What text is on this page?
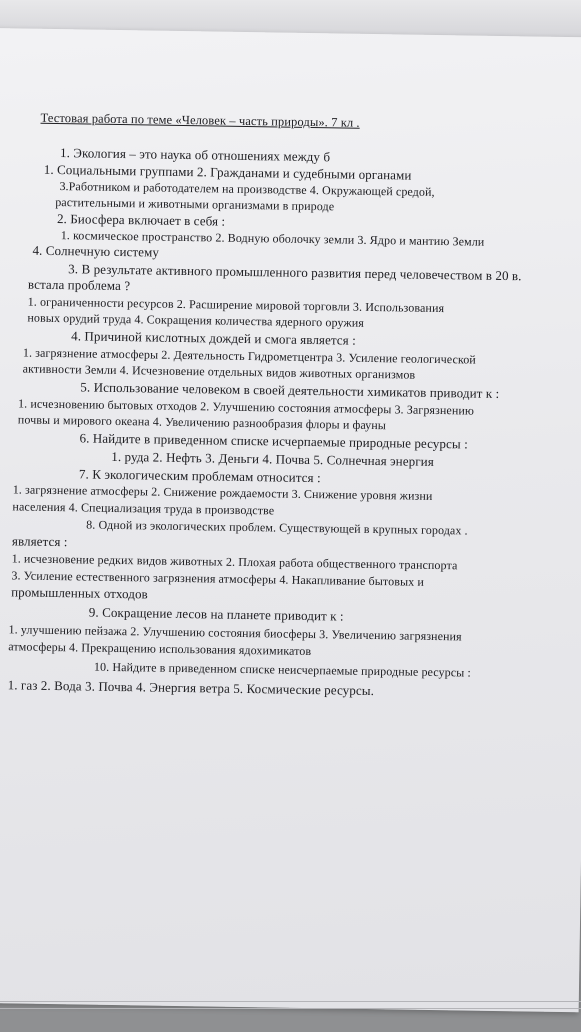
Тестовая работа по теме «Человек – часть природы». 7 кл .
1. Экология – это наука об отношениях между б
1. Социальными группами 2. Гражданами и судебными органами
3.Работником и работодателем на производстве 4. Окружающей средой,
растительными и животными организмами в природе
2. Биосфера включает в себя :
1. космическое пространство 2. Водную оболочку земли 3. Ядро и мантию Земли
4. Солнечную систему
3. В результате активного промышленного развития перед человечеством в 20 в.
встала проблема ?
1. ограниченности ресурсов 2. Расширение мировой торговли 3. Использования
новых орудий труда 4. Сокращения количества ядерного оружия
4. Причиной кислотных дождей и смога является :
1. загрязнение атмосферы 2. Деятельность Гидрометцентра 3. Усиление геологической
активности Земли 4. Исчезновение отдельных видов животных организмов
5. Использование человеком в своей деятельности химикатов приводит к :
1. исчезновению бытовых отходов 2. Улучшению состояния атмосферы 3. Загрязнению
почвы и мирового океана 4. Увеличению разнообразия флоры и фауны
6. Найдите в приведенном списке исчерпаемые природные ресурсы :
1. руда 2. Нефть 3. Деньги 4. Почва 5. Солнечная энергия
7. К экологическим проблемам относится :
1. загрязнение атмосферы 2. Снижение рождаемости 3. Снижение уровня жизни
населения 4. Специализация труда в производстве
8. Одной из экологических проблем. Существующей в крупных городах .
является :
1. исчезновение редких видов животных 2. Плохая работа общественного транспорта
3. Усиление естественного загрязнения атмосферы 4. Накапливание бытовых и
промышленных отходов
9. Сокращение лесов на планете приводит к :
1. улучшению пейзажа 2. Улучшению состояния биосферы 3. Увеличению загрязнения
атмосферы 4. Прекращению использования ядохимикатов
10. Найдите в приведенном списке неисчерпаемые природные ресурсы :
1. газ 2. Вода 3. Почва 4. Энергия ветра 5. Космические ресурсы.
